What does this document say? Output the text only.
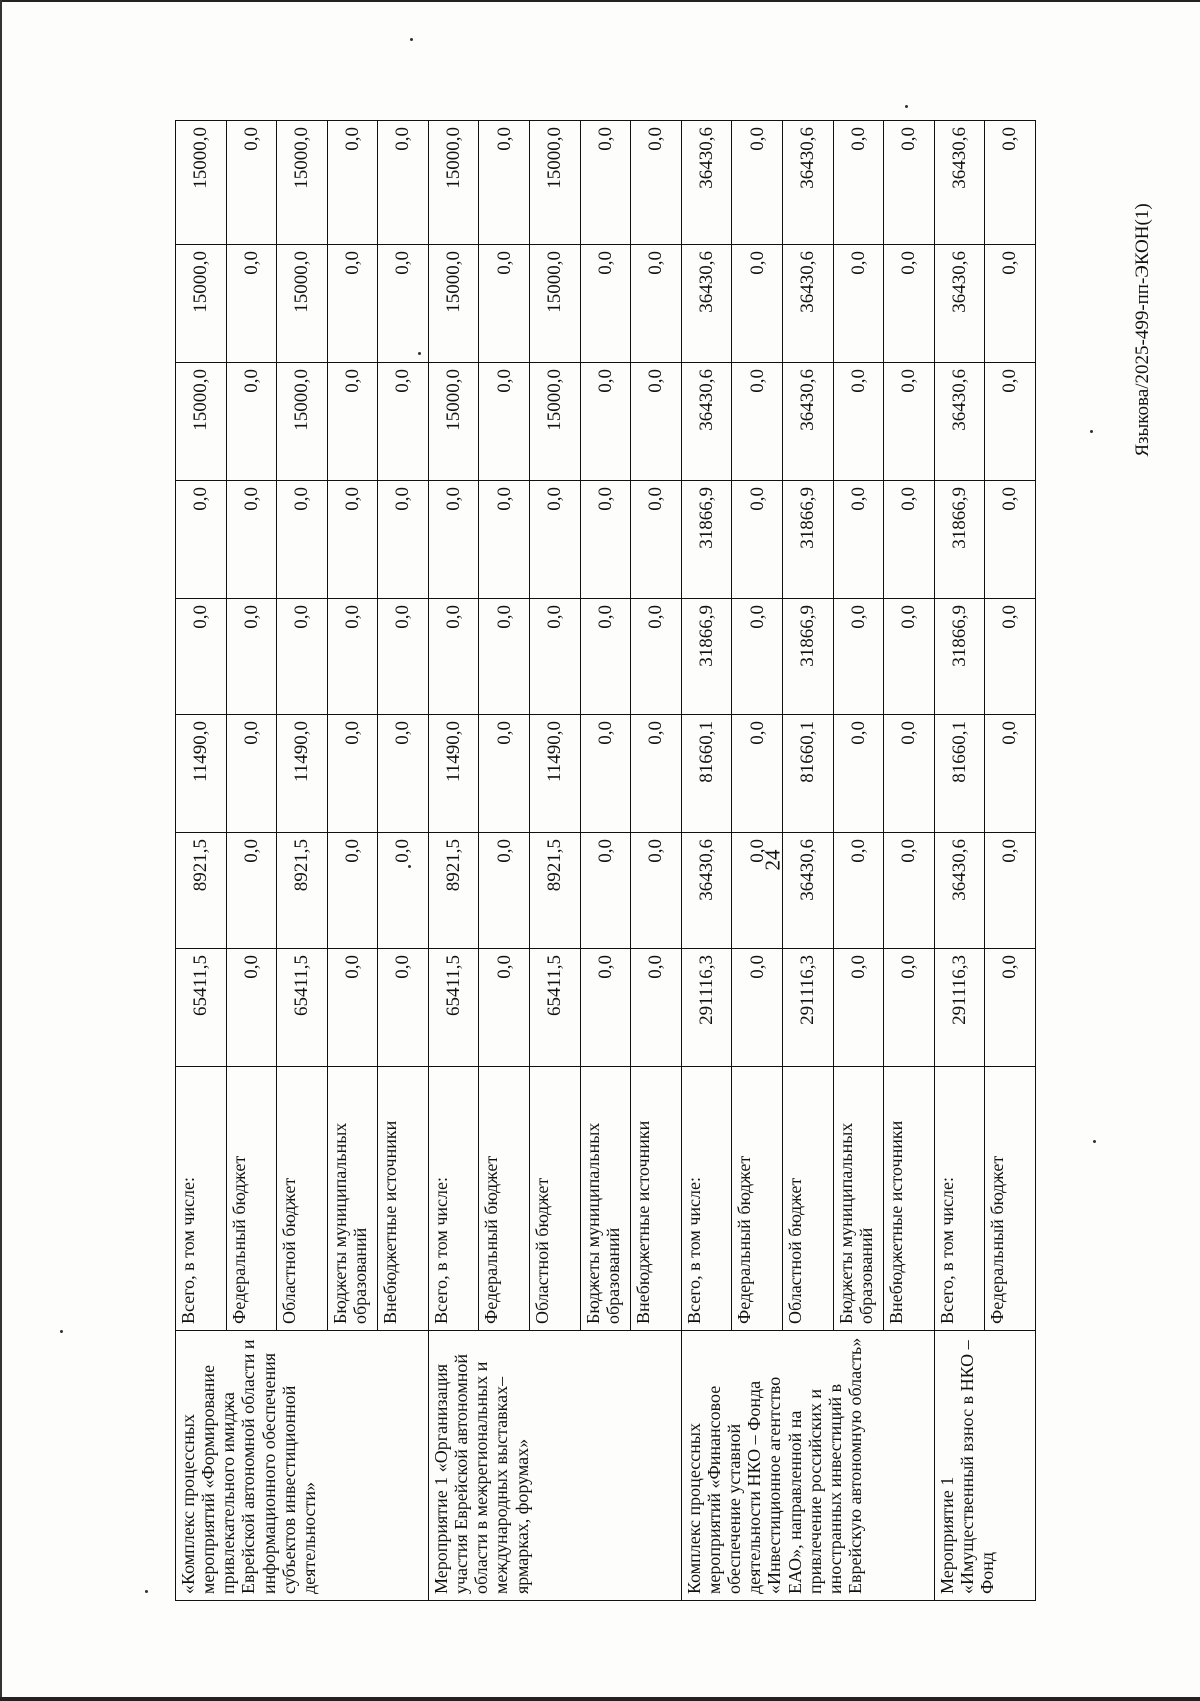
24
Языкова/2025-499-пп-ЭКОН(1)
«Комплекс процессных мероприятий «Формирование привлекательного имиджа Еврейской автономной области и информационного обеспечения субъектов инвестиционной деятельности»	Всего, в том числе:	65411,5	8921,5	11490,0	0,0	0,0	15000,0	15000,0	15000,0
	Федеральный бюджет	0,0	0,0	0,0	0,0	0,0	0,0	0,0	0,0
	Областной бюджет	65411,5	8921,5	11490,0	0,0	0,0	15000,0	15000,0	15000,0
	Бюджеты муниципальных образований	0,0	0,0	0,0	0,0	0,0	0,0	0,0	0,0
	Внебюджетные источники	0,0	0,0	0,0	0,0	0,0	0,0	0,0	0,0
Мероприятие 1 «Организация участия Еврейской автономной области в межрегиональных и международных выставках–ярмарках, форумах»	Всего, в том числе:	65411,5	8921,5	11490,0	0,0	0,0	15000,0	15000,0	15000,0
	Федеральный бюджет	0,0	0,0	0,0	0,0	0,0	0,0	0,0	0,0
	Областной бюджет	65411,5	8921,5	11490,0	0,0	0,0	15000,0	15000,0	15000,0
	Бюджеты муниципальных образований	0,0	0,0	0,0	0,0	0,0	0,0	0,0	0,0
	Внебюджетные источники	0,0	0,0	0,0	0,0	0,0	0,0	0,0	0,0
Комплекс процессных мероприятий «Финансовое обеспечение уставной деятельности НКО – Фонда «Инвестиционное агентство ЕАО», направленной на привлечение российских и иностранных инвестиций в Еврейскую автономную область»	Всего, в том числе:	291116,3	36430,6	81660,1	31866,9	31866,9	36430,6	36430,6	36430,6
	Федеральный бюджет	0,0	0,0	0,0	0,0	0,0	0,0	0,0	0,0
	Областной бюджет	291116,3	36430,6	81660,1	31866,9	31866,9	36430,6	36430,6	36430,6
	Бюджеты муниципальных образований	0,0	0,0	0,0	0,0	0,0	0,0	0,0	0,0
	Внебюджетные источники	0,0	0,0	0,0	0,0	0,0	0,0	0,0	0,0
Мероприятие 1 «Имущественный взнос в НКО – Фонд	Всего, в том числе:	291116,3	36430,6	81660,1	31866,9	31866,9	36430,6	36430,6	36430,6
	Федеральный бюджет	0,0	0,0	0,0	0,0	0,0	0,0	0,0	0,0
